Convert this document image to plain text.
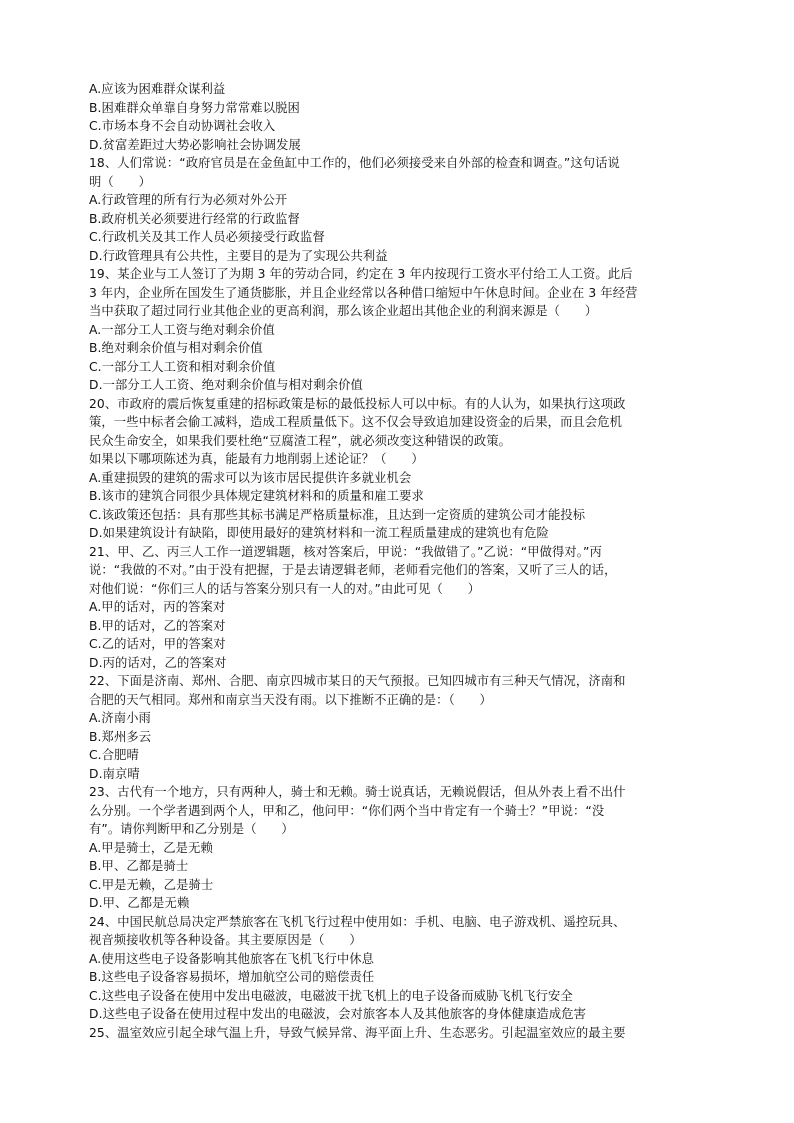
A.应该为困难群众谋利益
B.困难群众单靠自身努力常常难以脱困
C.市场本身不会自动协调社会收入
D.贫富差距过大势必影响社会协调发展
18、人们常说：“政府官员是在金鱼缸中工作的，他们必须接受来自外部的检查和调查。”这句话说
明（　　）
A.行政管理的所有行为必须对外公开
B.政府机关必须要进行经常的行政监督
C.行政机关及其工作人员必须接受行政监督
D.行政管理具有公共性，主要目的是为了实现公共利益
19、某企业与工人签订了为期 3 年的劳动合同，约定在 3 年内按现行工资水平付给工人工资。此后
3 年内，企业所在国发生了通货膨胀，并且企业经常以各种借口缩短中午休息时间。企业在 3 年经营
当中获取了超过同行业其他企业的更高利润，那么该企业超出其他企业的利润来源是（　　）
A.一部分工人工资与绝对剩余价值
B.绝对剩余价值与相对剩余价值
C.一部分工人工资和相对剩余价值
D.一部分工人工资、绝对剩余价值与相对剩余价值
20、市政府的震后恢复重建的招标政策是标的最低投标人可以中标。有的人认为，如果执行这项政
策，一些中标者会偷工减料，造成工程质量低下。这不仅会导致追加建设资金的后果，而且会危机
民众生命安全，如果我们要杜绝“豆腐渣工程”，就必须改变这种错误的政策。
如果以下哪项陈述为真，能最有力地削弱上述论证？（　　）
A.重建损毁的建筑的需求可以为该市居民提供许多就业机会
B.该市的建筑合同很少具体规定建筑材料和的质量和雇工要求
C.该政策还包括：具有那些其标书满足严格质量标准，且达到一定资质的建筑公司才能投标
D.如果建筑设计有缺陷，即使用最好的建筑材料和一流工程质量建成的建筑也有危险
21、甲、乙、丙三人工作一道逻辑题，核对答案后，甲说：“我做错了。”乙说：“甲做得对。”丙
说：“我做的不对。”由于没有把握，于是去请逻辑老师，老师看完他们的答案，又听了三人的话，
对他们说：“你们三人的话与答案分别只有一人的对。”由此可见（　　）
A.甲的话对，丙的答案对
B.甲的话对，乙的答案对
C.乙的话对，甲的答案对
D.丙的话对，乙的答案对
22、下面是济南、郑州、合肥、南京四城市某日的天气预报。已知四城市有三种天气情况，济南和
合肥的天气相同。郑州和南京当天没有雨。以下推断不正确的是：（　　）
A.济南小雨
B.郑州多云
C.合肥晴
D.南京晴
23、古代有一个地方，只有两种人，骑士和无赖。骑士说真话，无赖说假话，但从外表上看不出什
么分别。一个学者遇到两个人，甲和乙，他问甲：“你们两个当中肯定有一个骑士？”甲说：“没
有”。请你判断甲和乙分别是（　　）
A.甲是骑士，乙是无赖
B.甲、乙都是骑士
C.甲是无赖，乙是骑士
D.甲、乙都是无赖
24、中国民航总局决定严禁旅客在飞机飞行过程中使用如：手机、电脑、电子游戏机、遥控玩具、
视音频接收机等各种设备。其主要原因是（　　）
A.使用这些电子设备影响其他旅客在飞机飞行中休息
B.这些电子设备容易损坏，增加航空公司的赔偿责任
C.这些电子设备在使用中发出电磁波，电磁波干扰飞机上的电子设备而威胁飞机飞行安全
D.这些电子设备在使用过程中发出的电磁波，会对旅客本人及其他旅客的身体健康造成危害
25、温室效应引起全球气温上升，导致气候异常、海平面上升、生态恶劣。引起温室效应的最主要
